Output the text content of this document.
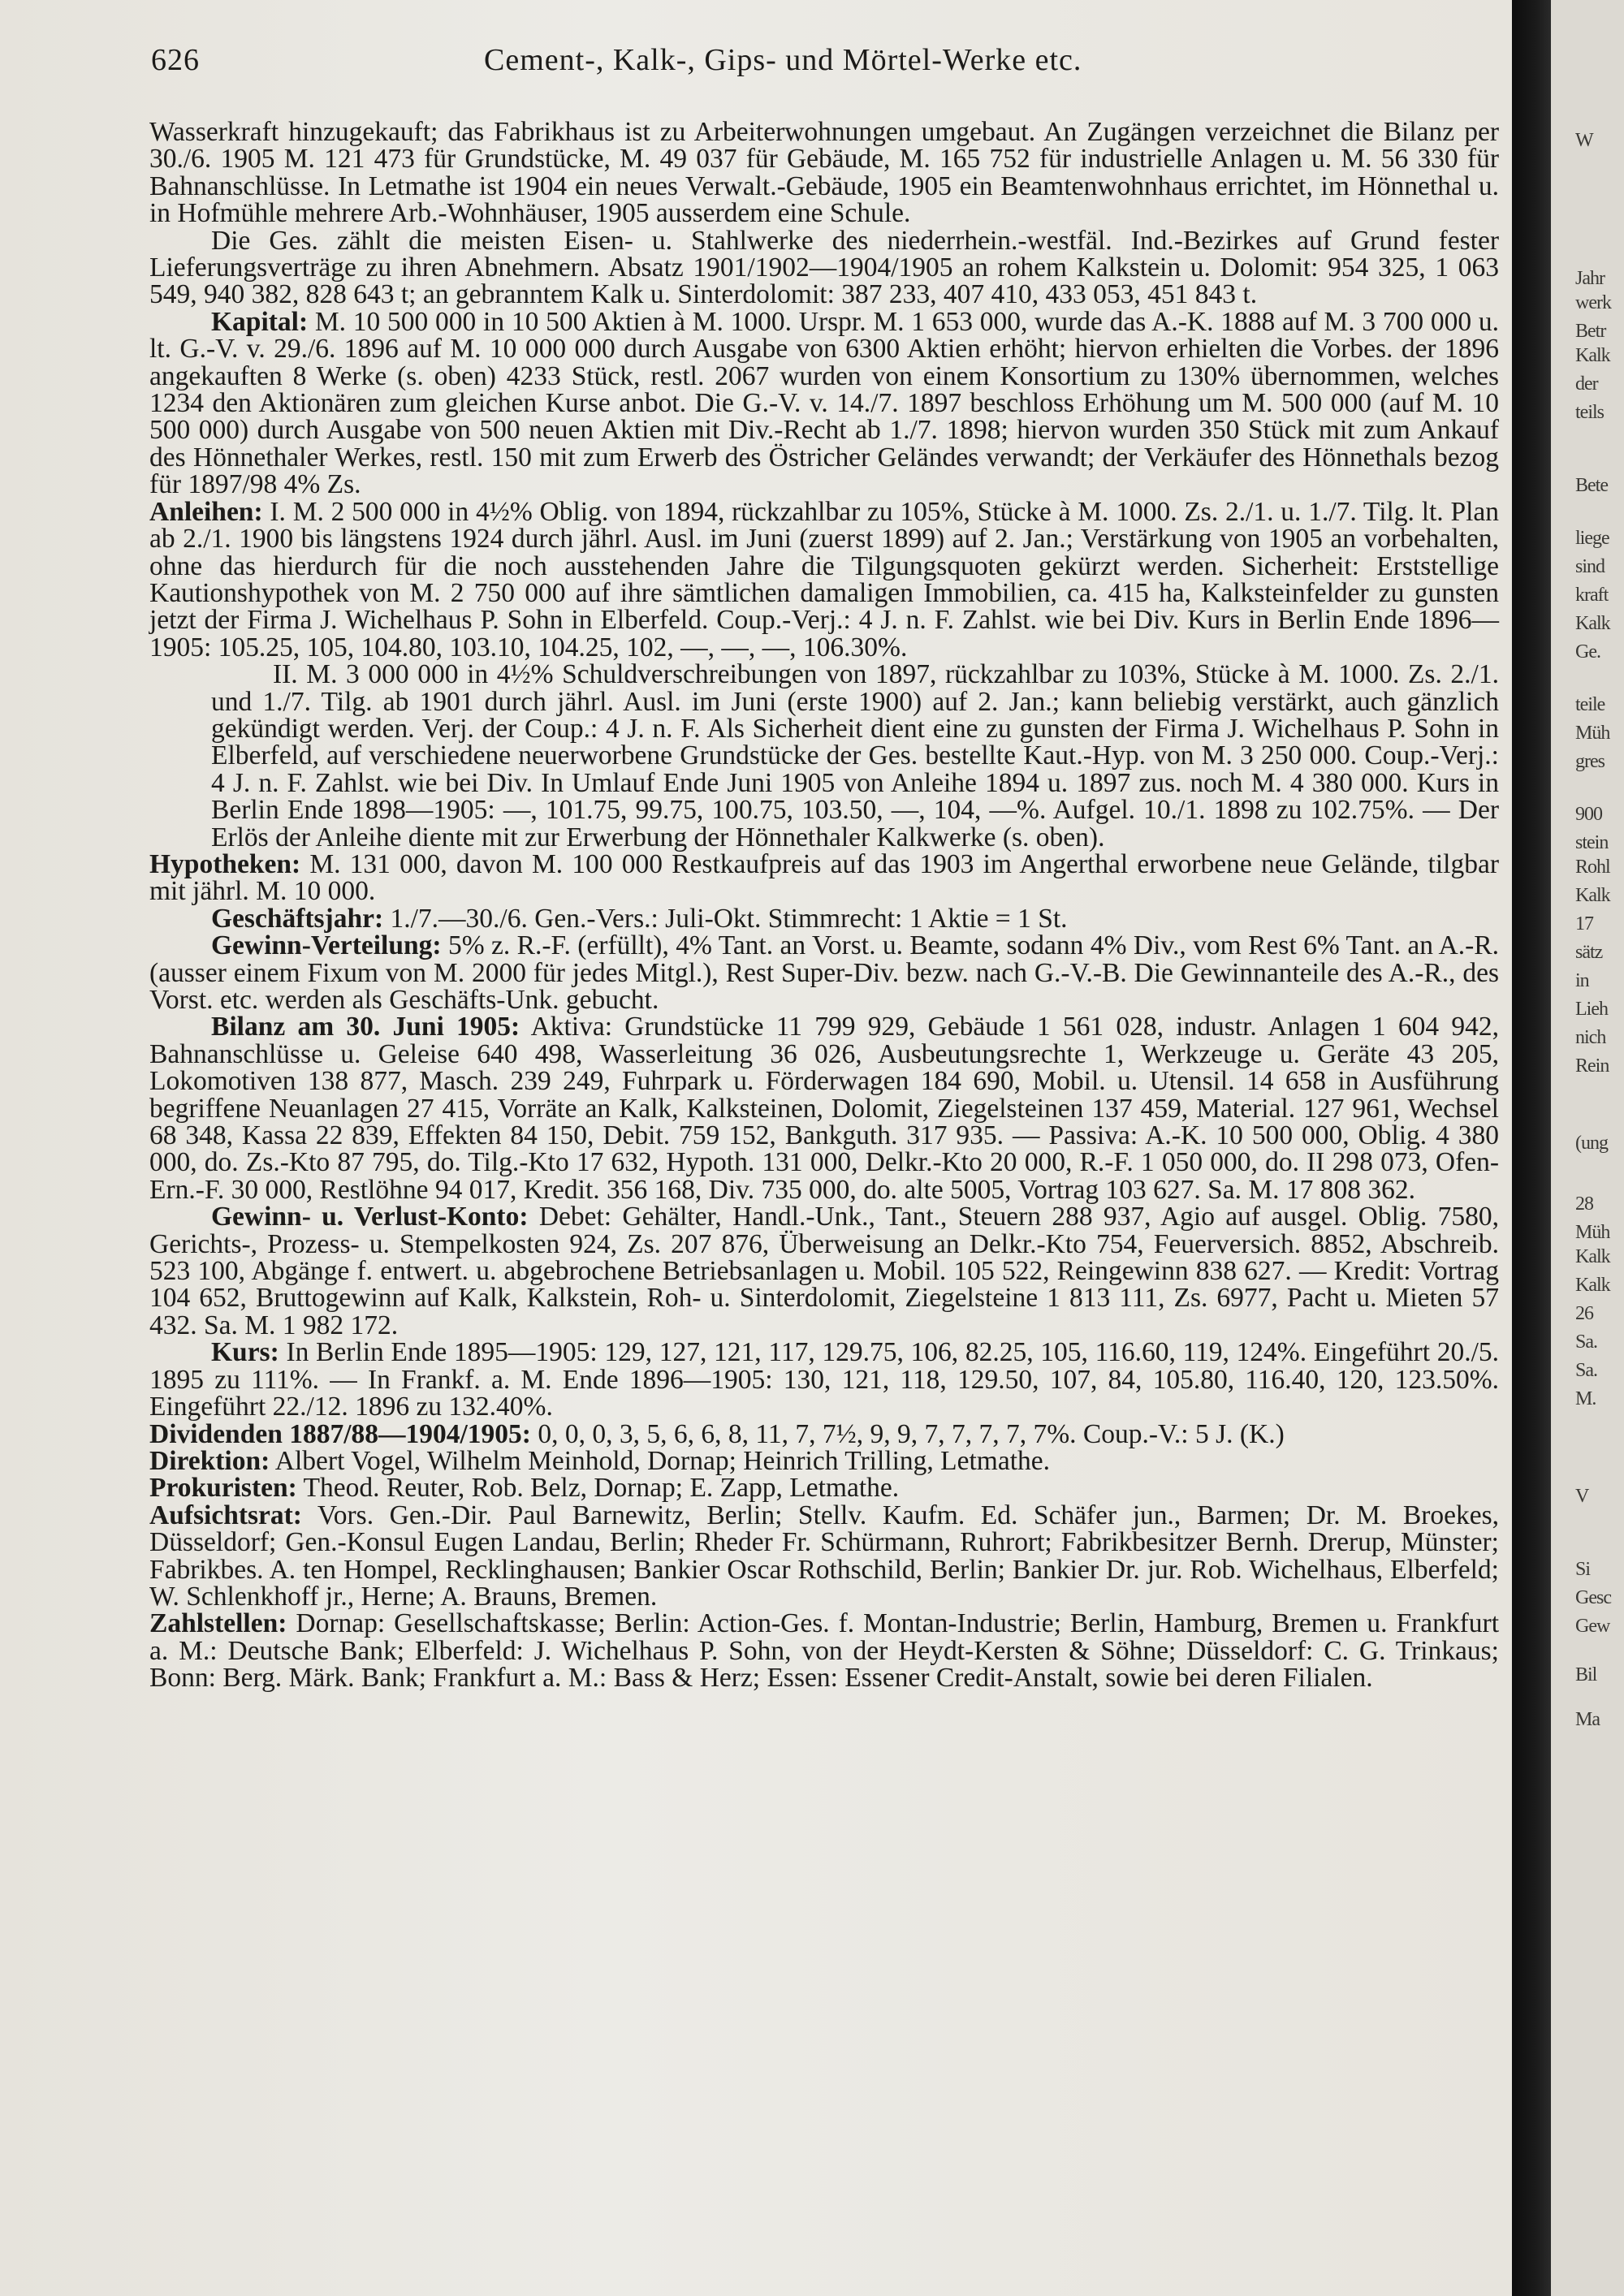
626	Cement-, Kalk-, Gips- und Mörtel-Werke etc.

Wasserkraft hinzugekauft; das Fabrikhaus ist zu Arbeiterwohnungen umgebaut. An Zugängen verzeichnet die Bilanz per 30./6. 1905 M. 121 473 für Grundstücke, M. 49 037 für Gebäude, M. 165 752 für industrielle Anlagen u. M. 56 330 für Bahnanschlüsse. In Letmathe ist 1904 ein neues Verwalt.-Gebäude, 1905 ein Beamtenwohnhaus errichtet, im Hönnethal u. in Hofmühle mehrere Arb.-Wohnhäuser, 1905 ausserdem eine Schule.

Die Ges. zählt die meisten Eisen- u. Stahlwerke des niederrhein.-westfäl. Ind.-Bezirkes auf Grund fester Lieferungsverträge zu ihren Abnehmern. Absatz 1901/1902—1904/1905 an rohem Kalkstein u. Dolomit: 954 325, 1 063 549, 940 382, 828 643 t; an gebranntem Kalk u. Sinterdolomit: 387 233, 407 410, 433 053, 451 843 t.

Kapital: M. 10 500 000 in 10 500 Aktien à M. 1000. Urspr. M. 1 653 000, wurde das A.-K. 1888 auf M. 3 700 000 u. lt. G.-V. v. 29./6. 1896 auf M. 10 000 000 durch Ausgabe von 6300 Aktien erhöht; hiervon erhielten die Vorbes. der 1896 angekauften 8 Werke (s. oben) 4233 Stück, restl. 2067 wurden von einem Konsortium zu 130% übernommen, welches 1234 den Aktionären zum gleichen Kurse anbot. Die G.-V. v. 14./7. 1897 beschloss Erhöhung um M. 500 000 (auf M. 10 500 000) durch Ausgabe von 500 neuen Aktien mit Div.-Recht ab 1./7. 1898; hiervon wurden 350 Stück mit zum Ankauf des Hönnethaler Werkes, restl. 150 mit zum Erwerb des Östricher Geländes verwandt; der Verkäufer des Hönnethals bezog für 1897/98 4% Zs.

Anleihen: I. M. 2 500 000 in 4½% Oblig. von 1894, rückzahlbar zu 105%, Stücke à M. 1000. Zs. 2./1. u. 1./7. Tilg. lt. Plan ab 2./1. 1900 bis längstens 1924 durch jährl. Ausl. im Juni (zuerst 1899) auf 2. Jan.; Verstärkung von 1905 an vorbehalten, ohne das hierdurch für die noch ausstehenden Jahre die Tilgungsquoten gekürzt werden. Sicherheit: Erststellige Kautionshypothek von M. 2 750 000 auf ihre sämtlichen damaligen Immobilien, ca. 415 ha, Kalksteinfelder zu gunsten jetzt der Firma J. Wichelhaus P. Sohn in Elberfeld. Coup.-Verj.: 4 J. n. F. Zahlst. wie bei Div. Kurs in Berlin Ende 1896—1905: 105.25, 105, 104.80, 103.10, 104.25, 102, —, —, —, 106.30%.

II. M. 3 000 000 in 4½% Schuldverschreibungen von 1897, rückzahlbar zu 103%, Stücke à M. 1000. Zs. 2./1. und 1./7. Tilg. ab 1901 durch jährl. Ausl. im Juni (erste 1900) auf 2. Jan.; kann beliebig verstärkt, auch gänzlich gekündigt werden. Verj. der Coup.: 4 J. n. F. Als Sicherheit dient eine zu gunsten der Firma J. Wichelhaus P. Sohn in Elberfeld, auf verschiedene neuerworbene Grundstücke der Ges. bestellte Kaut.-Hyp. von M. 3 250 000. Coup.-Verj.: 4 J. n. F. Zahlst. wie bei Div. In Umlauf Ende Juni 1905 von Anleihe 1894 u. 1897 zus. noch M. 4 380 000. Kurs in Berlin Ende 1898—1905: —, 101.75, 99.75, 100.75, 103.50, —, 104, —%. Aufgel. 10./1. 1898 zu 102.75%. — Der Erlös der Anleihe diente mit zur Erwerbung der Hönnethaler Kalkwerke (s. oben).

Hypotheken: M. 131 000, davon M. 100 000 Restkaufpreis auf das 1903 im Angerthal erworbene neue Gelände, tilgbar mit jährl. M. 10 000.

Geschäftsjahr: 1./7.—30./6. Gen.-Vers.: Juli-Okt. Stimmrecht: 1 Aktie = 1 St.

Gewinn-Verteilung: 5% z. R.-F. (erfüllt), 4% Tant. an Vorst. u. Beamte, sodann 4% Div., vom Rest 6% Tant. an A.-R. (ausser einem Fixum von M. 2000 für jedes Mitgl.), Rest Super-Div. bezw. nach G.-V.-B. Die Gewinnanteile des A.-R., des Vorst. etc. werden als Geschäfts-Unk. gebucht.

Bilanz am 30. Juni 1905: Aktiva: Grundstücke 11 799 929, Gebäude 1 561 028, industr. Anlagen 1 604 942, Bahnanschlüsse u. Geleise 640 498, Wasserleitung 36 026, Ausbeutungsrechte 1, Werkzeuge u. Geräte 43 205, Lokomotiven 138 877, Masch. 239 249, Fuhrpark u. Förderwagen 184 690, Mobil. u. Utensil. 14 658 in Ausführung begriffene Neuanlagen 27 415, Vorräte an Kalk, Kalksteinen, Dolomit, Ziegelsteinen 137 459, Material. 127 961, Wechsel 68 348, Kassa 22 839, Effekten 84 150, Debit. 759 152, Bankguth. 317 935. — Passiva: A.-K. 10 500 000, Oblig. 4 380 000, do. Zs.-Kto 87 795, do. Tilg.-Kto 17 632, Hypoth. 131 000, Delkr.-Kto 20 000, R.-F. 1 050 000, do. II 298 073, Ofen-Ern.-F. 30 000, Restlöhne 94 017, Kredit. 356 168, Div. 735 000, do. alte 5005, Vortrag 103 627. Sa. M. 17 808 362.

Gewinn- u. Verlust-Konto: Debet: Gehälter, Handl.-Unk., Tant., Steuern 288 937, Agio auf ausgel. Oblig. 7580, Gerichts-, Prozess- u. Stempelkosten 924, Zs. 207 876, Überweisung an Delkr.-Kto 754, Feuerversich. 8852, Abschreib. 523 100, Abgänge f. entwert. u. abgebrochene Betriebsanlagen u. Mobil. 105 522, Reingewinn 838 627. — Kredit: Vortrag 104 652, Bruttogewinn auf Kalk, Kalkstein, Roh- u. Sinterdolomit, Ziegelsteine 1 813 111, Zs. 6977, Pacht u. Mieten 57 432. Sa. M. 1 982 172.

Kurs: In Berlin Ende 1895—1905: 129, 127, 121, 117, 129.75, 106, 82.25, 105, 116.60, 119, 124%. Eingeführt 20./5. 1895 zu 111%. — In Frankf. a. M. Ende 1896—1905: 130, 121, 118, 129.50, 107, 84, 105.80, 116.40, 120, 123.50%. Eingeführt 22./12. 1896 zu 132.40%.

Dividenden 1887/88—1904/1905: 0, 0, 0, 3, 5, 6, 6, 8, 11, 7, 7½, 9, 9, 7, 7, 7, 7, 7%. Coup.-V.: 5 J. (K.)

Direktion: Albert Vogel, Wilhelm Meinhold, Dornap; Heinrich Trilling, Letmathe.

Prokuristen: Theod. Reuter, Rob. Belz, Dornap; E. Zapp, Letmathe.

Aufsichtsrat: Vors. Gen.-Dir. Paul Barnewitz, Berlin; Stellv. Kaufm. Ed. Schäfer jun., Barmen; Dr. M. Broekes, Düsseldorf; Gen.-Konsul Eugen Landau, Berlin; Rheder Fr. Schürmann, Ruhrort; Fabrikbesitzer Bernh. Drerup, Münster; Fabrikbes. A. ten Hompel, Recklinghausen; Bankier Oscar Rothschild, Berlin; Bankier Dr. jur. Rob. Wichelhaus, Elberfeld; W. Schlenkhoff jr., Herne; A. Brauns, Bremen.

Zahlstellen: Dornap: Gesellschaftskasse; Berlin: Action-Ges. f. Montan-Industrie; Berlin, Hamburg, Bremen u. Frankfurt a. M.: Deutsche Bank; Elberfeld: J. Wichelhaus P. Sohn, von der Heydt-Kersten & Söhne; Düsseldorf: C. G. Trinkaus; Bonn: Berg. Märk. Bank; Frankfurt a. M.: Bass & Herz; Essen: Essener Credit-Anstalt, sowie bei deren Filialen.

W
Jahr
werk
Betr
Kalk
der
teils
Bete
liege
sind
kraft
Kalk
Ge.
teile
Müh
gres
900
stein
Rohl
Kalk
17
sätz
in
Lieh
nich
Rein
(ung
28
Müh
Kalk
Kalk
26
Sa.
Sa.
M.
V
Si
Gesc
Gew
Bil
Ma
